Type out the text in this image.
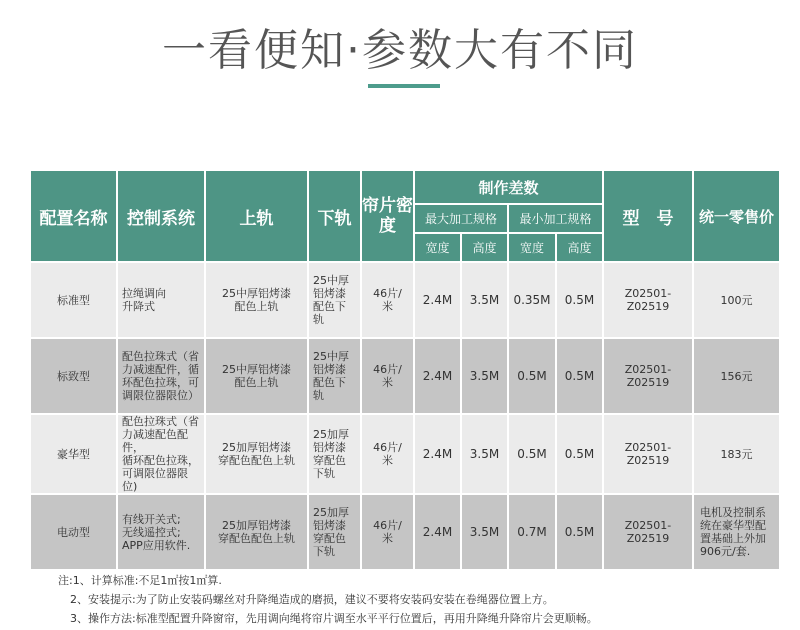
一看便知·参数大有不同
配置名称	控制系统	上轨	下轨	帘片密度	制作差数				型　号	统一零售价
					最大加工规格		最小加工规格			
					宽度	高度	宽度	高度		
标准型	拉绳调向
升降式	25中厚铝烤漆
配色上轨	25中厚
铝烤漆
配色下
轨	46片/
米	2.4M	3.5M	0.35M	0.5M	Z02501-Z02519	100元
标致型	配色拉珠式（省
力减速配件，循
环配色拉珠，可
调限位器限位）	25中厚铝烤漆
配色上轨	25中厚
铝烤漆
配色下
轨	46片/
米	2.4M	3.5M	0.5M	0.5M	Z02501-Z02519	156元
豪华型	配色拉珠式（省
力减速配色配件，
循环配色拉珠，
可调限位器限位)	25加厚铝烤漆
穿配色配色上轨	25加厚
铝烤漆
穿配色
下轨	46片/
米	2.4M	3.5M	0.5M	0.5M	Z02501-Z02519	183元
电动型	有线开关式;
无线遥控式;
APP应用软件.	25加厚铝烤漆
穿配色配色上轨	25加厚
铝烤漆
穿配色
下轨	46片/
米	2.4M	3.5M	0.7M	0.5M	Z02501-Z02519	电机及控制系
统在豪华型配
置基础上外加
906元/套.
注:1、计算标准:不足1㎡按1㎡算.
2、安装提示:为了防止安装码螺丝对升降绳造成的磨损，建议不要将安装码安装在卷绳器位置上方。
3、操作方法:标准型配置升降窗帘，先用调向绳将帘片调至水平平行位置后，再用升降绳升降帘片会更顺畅。
